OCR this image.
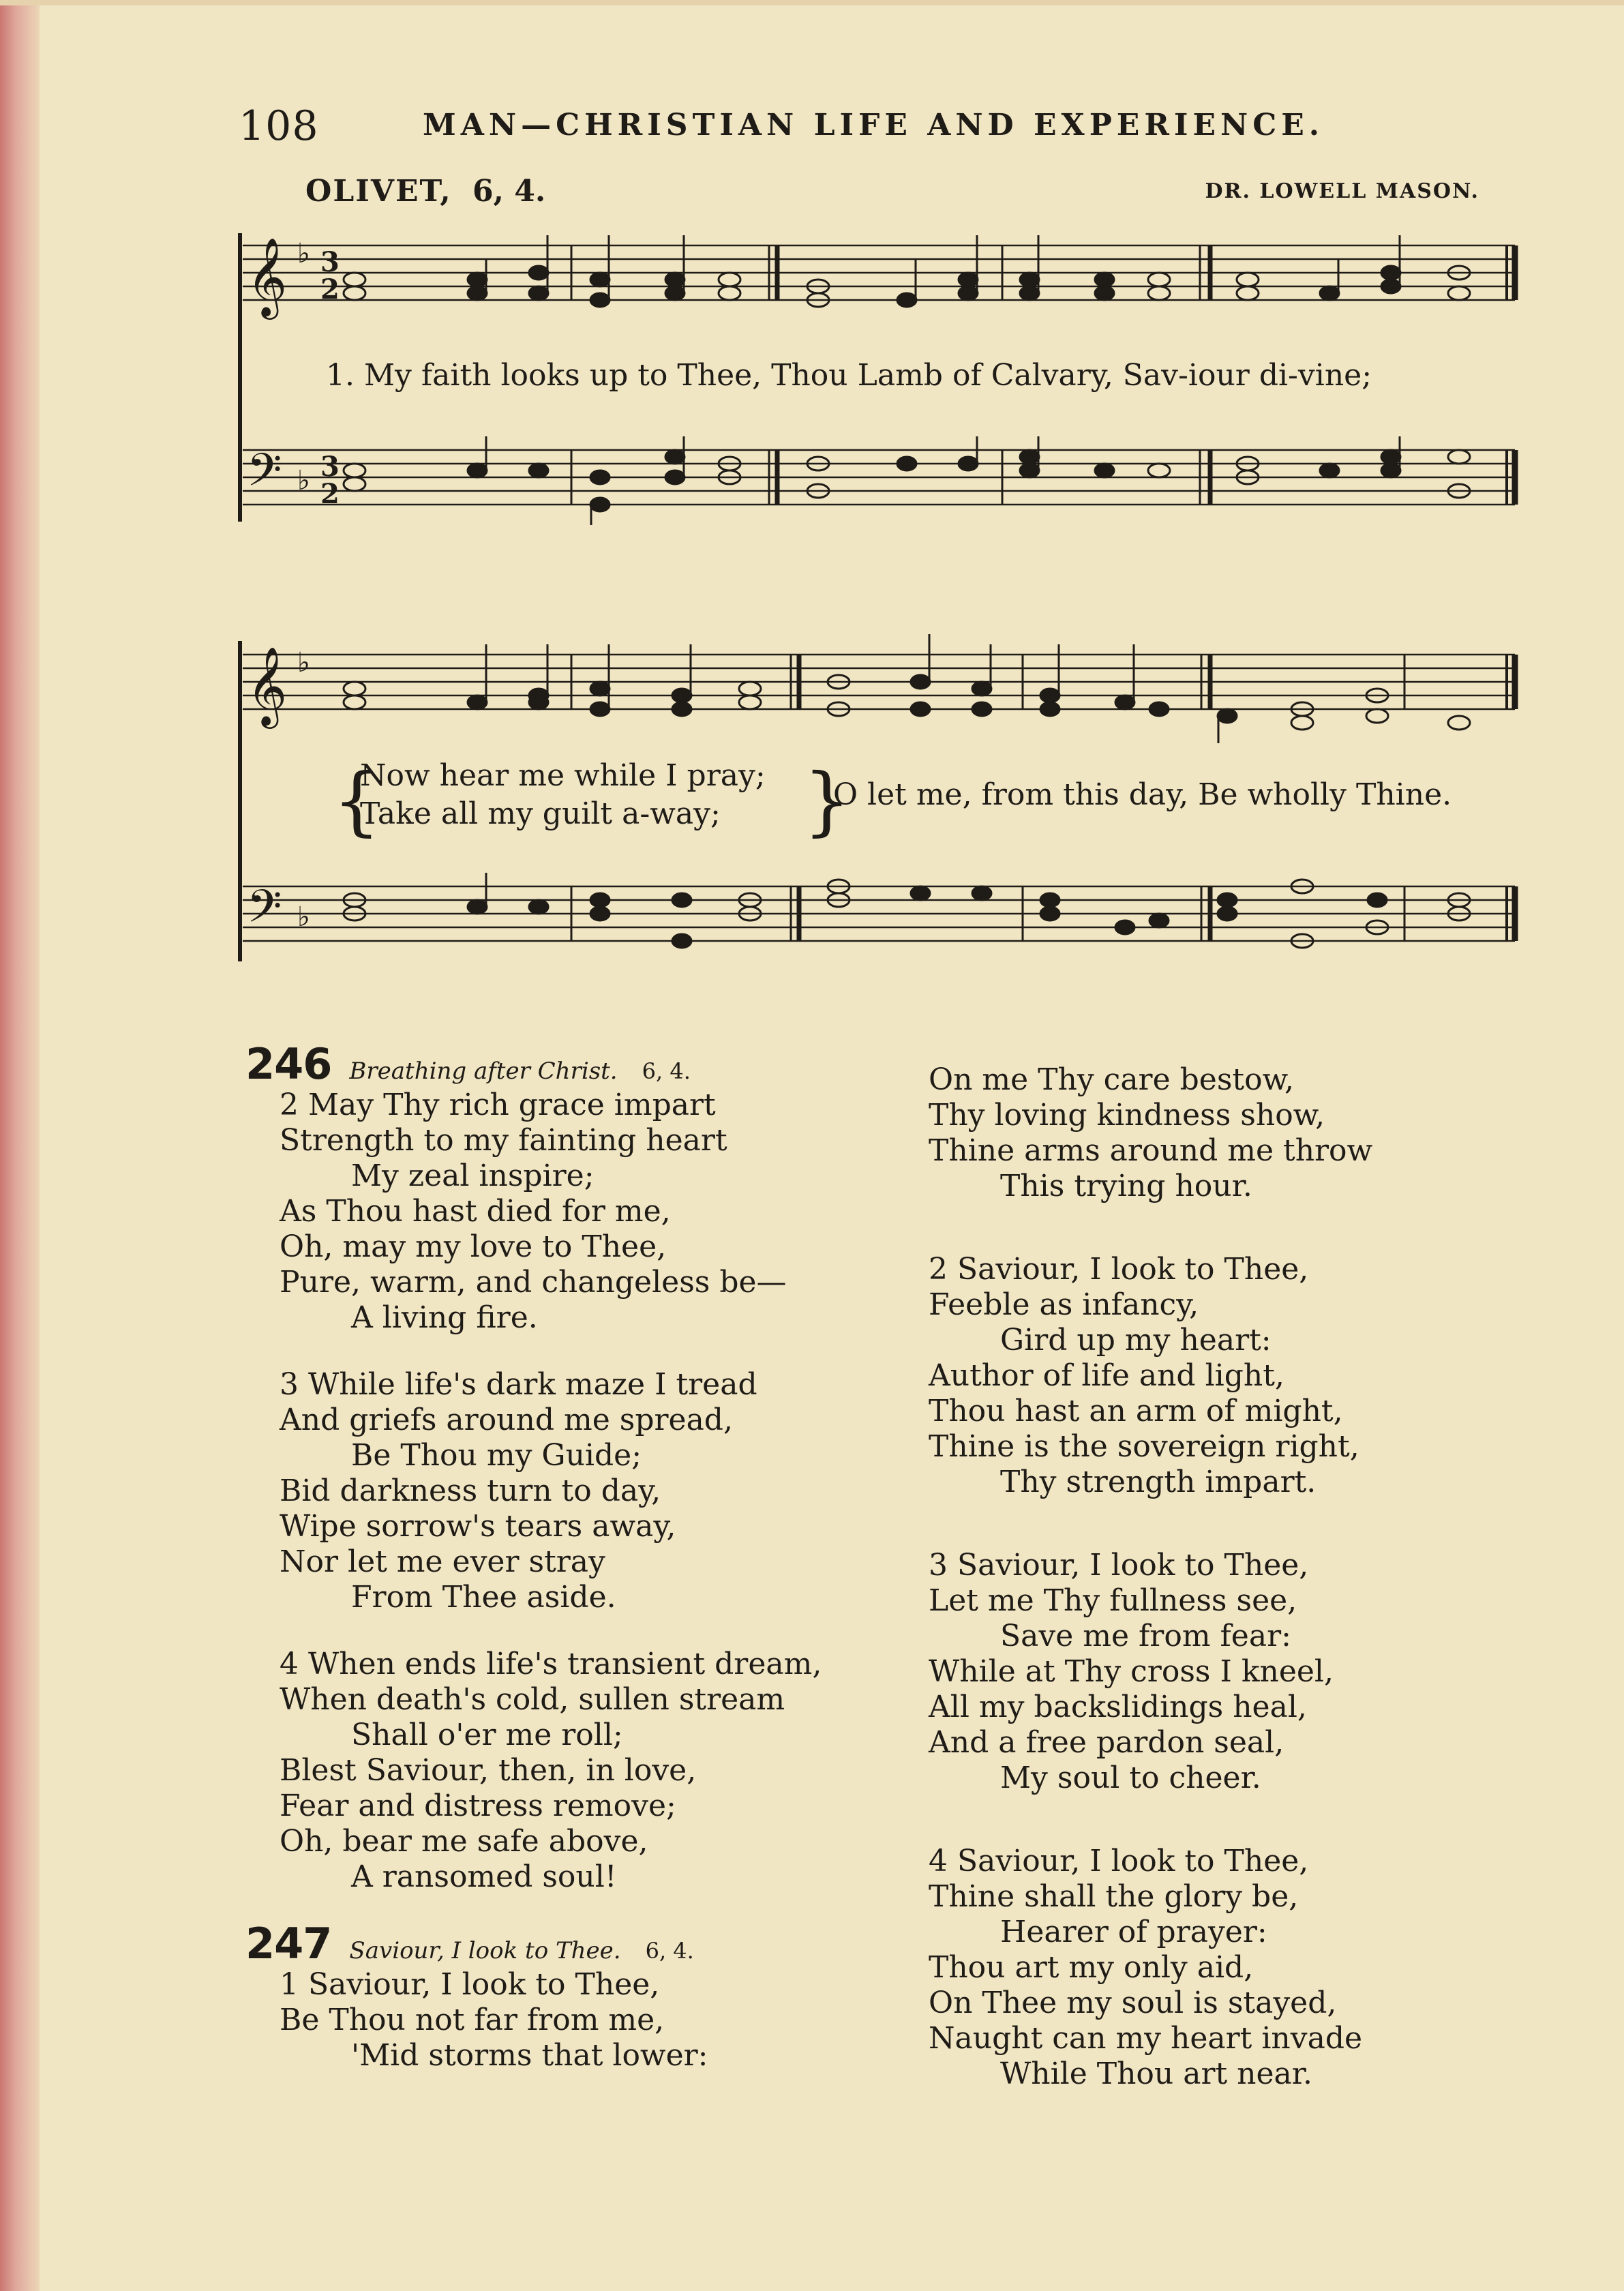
108	MAN—CHRISTIAN LIFE AND EXPERIENCE.
OLIVET, 6, 4.	DR. LOWELL MASON.
𝄞
𝄢
3
2
3
2
♭
♭
𝄞
𝄢
♭
♭
{	}
1. My faith looks up to Thee, Thou Lamb of Calvary, Sav-iour di-vine;
Now hear me while I pray;
Take all my guilt a-way;
O let me, from this day, Be wholly Thine.
246 Breathing after Christ. 6, 4.
2 May Thy rich grace impart
Strength to my fainting heart
My zeal inspire;
As Thou hast died for me,
Oh, may my love to Thee,
Pure, warm, and changeless be—
A living fire.
3 While life's dark maze I tread
And griefs around me spread,
Be Thou my Guide;
Bid darkness turn to day,
Wipe sorrow's tears away,
Nor let me ever stray
From Thee aside.
4 When ends life's transient dream,
When death's cold, sullen stream
Shall o'er me roll;
Blest Saviour, then, in love,
Fear and distress remove;
Oh, bear me safe above,
A ransomed soul!
247 Saviour, I look to Thee. 6, 4.
1 Saviour, I look to Thee,
Be Thou not far from me,
'Mid storms that lower:
On me Thy care bestow,
Thy loving kindness show,
Thine arms around me throw
This trying hour.
2 Saviour, I look to Thee,
Feeble as infancy,
Gird up my heart:
Author of life and light,
Thou hast an arm of might,
Thine is the sovereign right,
Thy strength impart.
3 Saviour, I look to Thee,
Let me Thy fullness see,
Save me from fear:
While at Thy cross I kneel,
All my backslidings heal,
And a free pardon seal,
My soul to cheer.
4 Saviour, I look to Thee,
Thine shall the glory be,
Hearer of prayer:
Thou art my only aid,
On Thee my soul is stayed,
Naught can my heart invade
While Thou art near.
